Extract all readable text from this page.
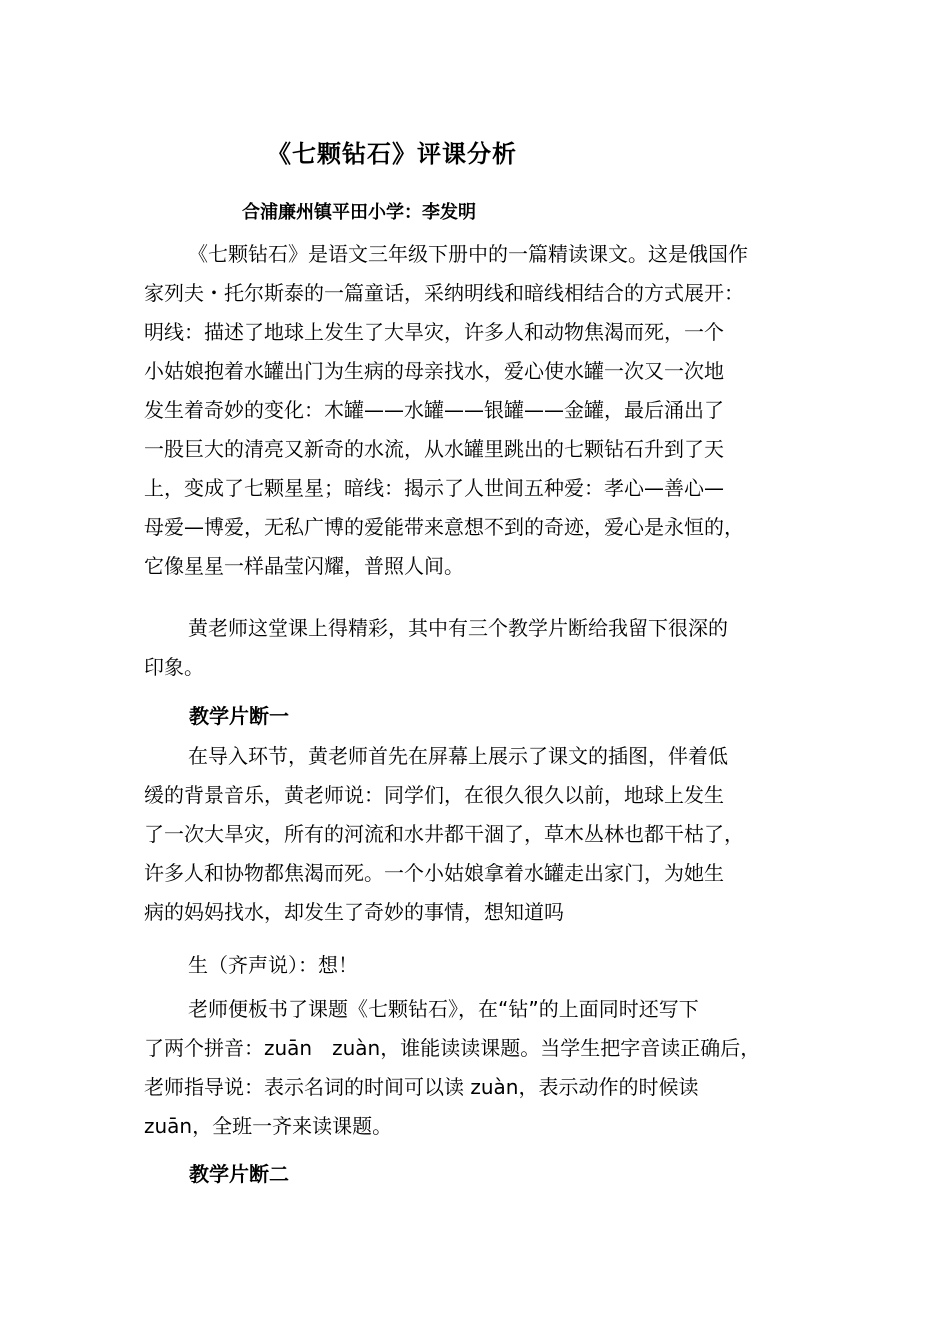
《七颗钻石》评课分析
合浦廉州镇平田小学：李发明
《七颗钻石》是语文三年级下册中的一篇精读课文。这是俄国作
家列夫・托尔斯泰的一篇童话，采纳明线和暗线相结合的方式展开：
明线：描述了地球上发生了大旱灾，许多人和动物焦渴而死，一个
小姑娘抱着水罐出门为生病的母亲找水，爱心使水罐一次又一次地
发生着奇妙的变化：木罐——水罐——银罐——金罐，最后涌出了
一股巨大的清亮又新奇的水流，从水罐里跳出的七颗钻石升到了天
上，变成了七颗星星；暗线：揭示了人世间五种爱：孝心—善心—
母爱—博爱，无私广博的爱能带来意想不到的奇迹，爱心是永恒的，
它像星星一样晶莹闪耀，普照人间。
黄老师这堂课上得精彩，其中有三个教学片断给我留下很深的
印象。
教学片断一
在导入环节，黄老师首先在屏幕上展示了课文的插图，伴着低
缓的背景音乐，黄老师说：同学们，在很久很久以前，地球上发生
了一次大旱灾，所有的河流和水井都干涸了，草木丛林也都干枯了，
许多人和协物都焦渴而死。一个小姑娘拿着水罐走出家门，为她生
病的妈妈找水，却发生了奇妙的事情，想知道吗
生（齐声说）：想！
老师便板书了课题《七颗钻石》，在“钻”的上面同时还写下
了两个拼音：zuān　zuàn，谁能读读课题。当学生把字音读正确后，
老师指导说：表示名词的时间可以读 zuàn，表示动作的时候读
zuān，全班一齐来读课题。
教学片断二
